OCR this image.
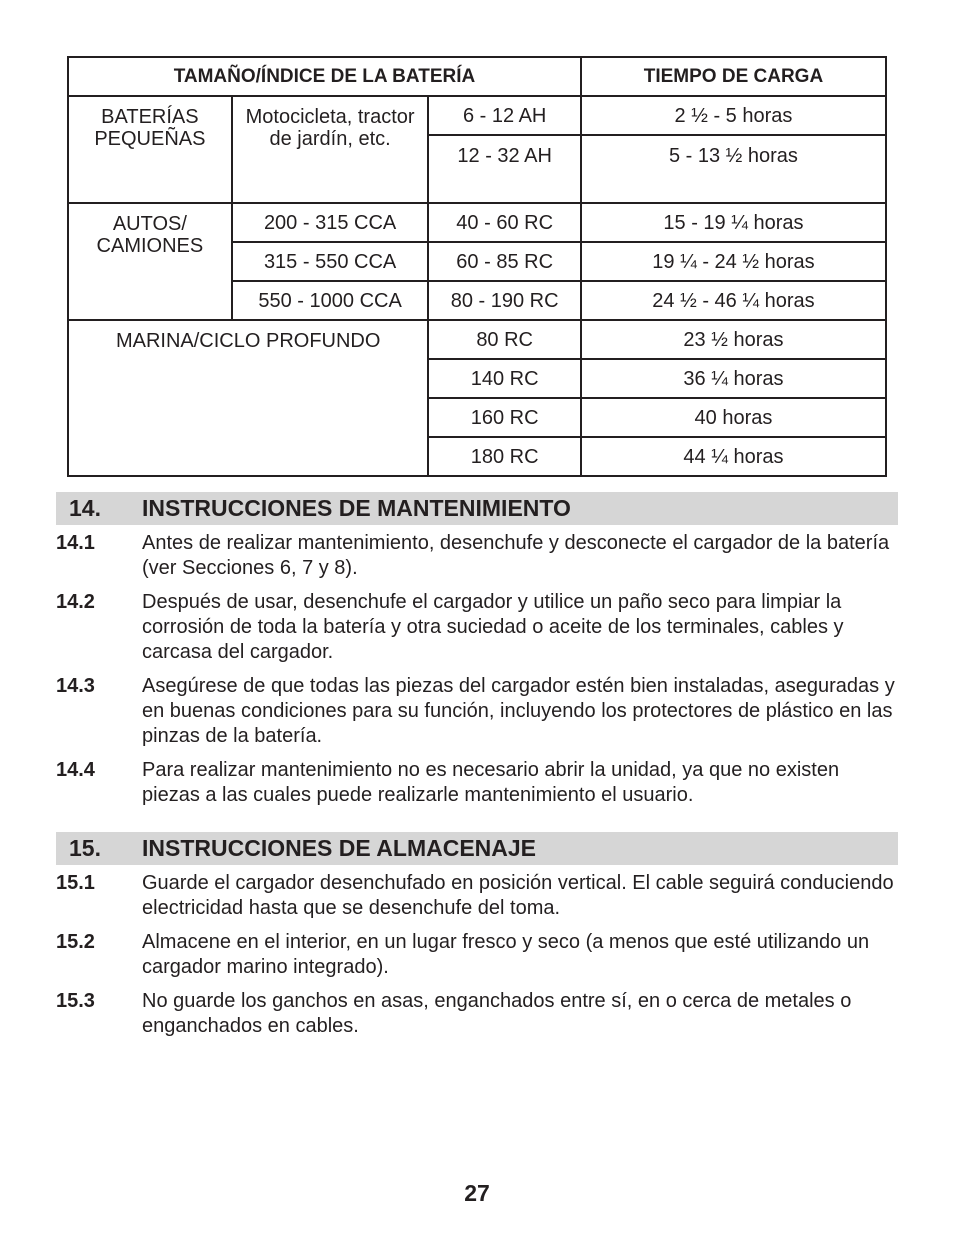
TAMAÑO/ÍNDICE DE LA BATERÍA			TIEMPO DE CARGA
BATERÍAS PEQUEÑAS	Motocicleta, tractor de jardín, etc.	6 - 12 AH	2 ½ - 5 horas
		12 - 32 AH	5 - 13 ½ horas
AUTOS/ CAMIONES	200 - 315 CCA	40 - 60 RC	15 - 19 ¼ horas
	315 - 550 CCA	60 - 85 RC	19 ¼ - 24 ½ horas
	550 - 1000 CCA	80 - 190 RC	24 ½ - 46 ¼ horas
MARINA/CICLO PROFUNDO		80 RC	23 ½ horas
		140 RC	36 ¼ horas
		160 RC	40 horas
		180 RC	44 ¼ horas
14. INSTRUCCIONES DE MANTENIMIENTO
14.1 Antes de realizar mantenimiento, desenchufe y desconecte el cargador de la batería (ver Secciones 6, 7 y 8).
14.2 Después de usar, desenchufe el cargador y utilice un paño seco para limpiar la corrosión de toda la batería y otra suciedad o aceite de los terminales, cables y carcasa del cargador.
14.3 Asegúrese de que todas las piezas del cargador estén bien instaladas, aseguradas y en buenas condiciones para su función, incluyendo los protectores de plástico en las pinzas de la batería.
14.4 Para realizar mantenimiento no es necesario abrir la unidad, ya que no existen piezas a las cuales puede realizarle mantenimiento el usuario.
15. INSTRUCCIONES DE ALMACENAJE
15.1 Guarde el cargador desenchufado en posición vertical. El cable seguirá conduciendo electricidad hasta que se desenchufe del toma.
15.2 Almacene en el interior, en un lugar fresco y seco (a menos que esté utilizando un cargador marino integrado).
15.3 No guarde los ganchos en asas, enganchados entre sí, en o cerca de metales o enganchados en cables.
27
